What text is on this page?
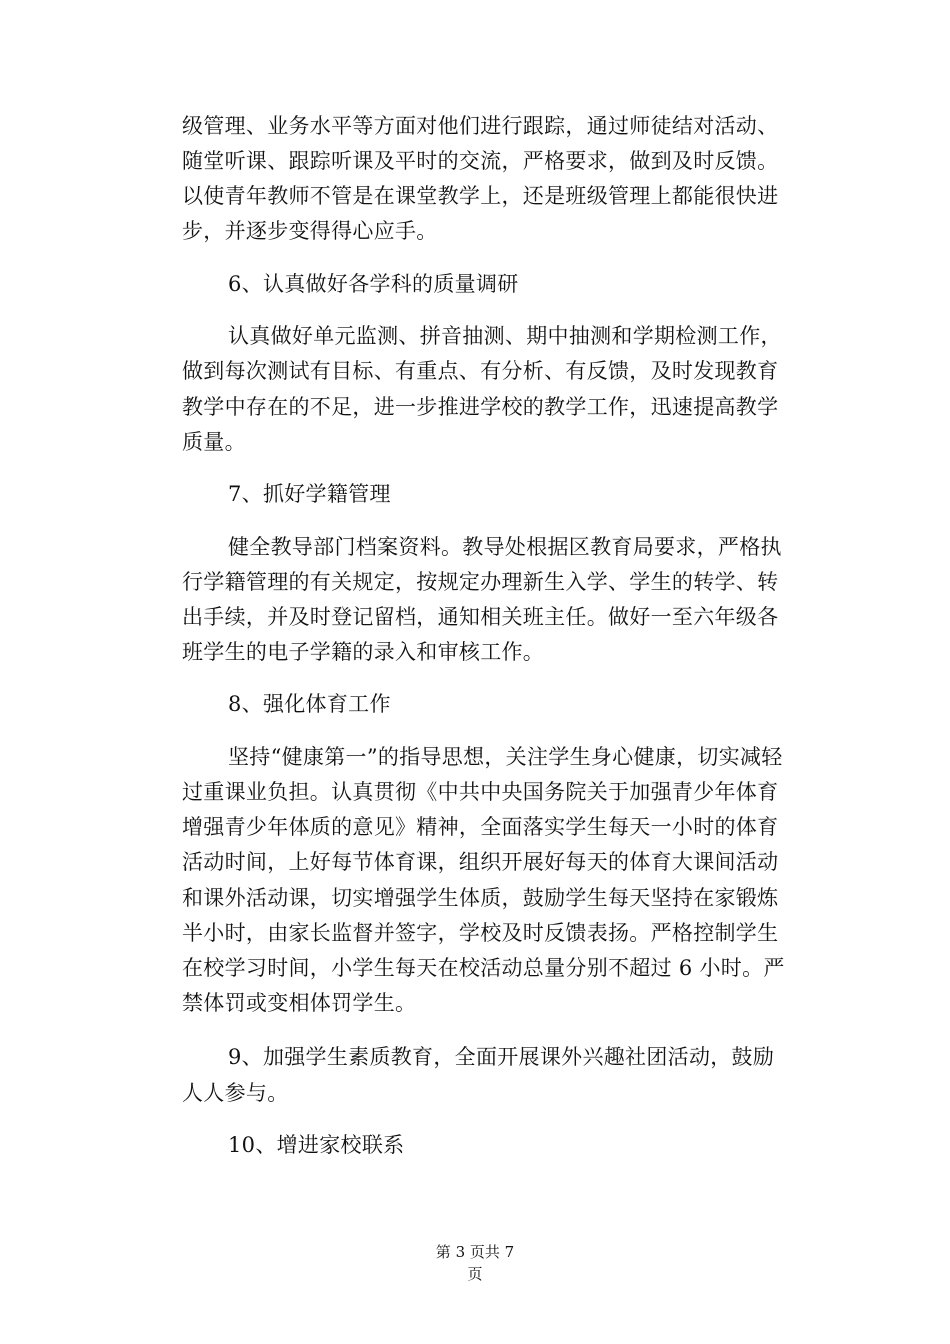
级管理、业务水平等方面对他们进行跟踪，通过师徒结对活动、
随堂听课、跟踪听课及平时的交流，严格要求，做到及时反馈。
以使青年教师不管是在课堂教学上，还是班级管理上都能很快进
步，并逐步变得得心应手。
6、认真做好各学科的质量调研
认真做好单元监测、拼音抽测、期中抽测和学期检测工作，
做到每次测试有目标、有重点、有分析、有反馈，及时发现教育
教学中存在的不足，进一步推进学校的教学工作，迅速提高教学
质量。
7、抓好学籍管理
健全教导部门档案资料。教导处根据区教育局要求，严格执
行学籍管理的有关规定，按规定办理新生入学、学生的转学、转
出手续，并及时登记留档，通知相关班主任。做好一至六年级各
班学生的电子学籍的录入和审核工作。
8、强化体育工作
坚持“健康第一”的指导思想，关注学生身心健康，切实减轻
过重课业负担。认真贯彻《中共中央国务院关于加强青少年体育
增强青少年体质的意见》精神，全面落实学生每天一小时的体育
活动时间，上好每节体育课，组织开展好每天的体育大课间活动
和课外活动课，切实增强学生体质，鼓励学生每天坚持在家锻炼
半小时，由家长监督并签字，学校及时反馈表扬。严格控制学生
在校学习时间，小学生每天在校活动总量分别不超过 6 小时。严
禁体罚或变相体罚学生。
9、加强学生素质教育，全面开展课外兴趣社团活动，鼓励
人人参与。
10、增进家校联系
第 3 页共 7
页
